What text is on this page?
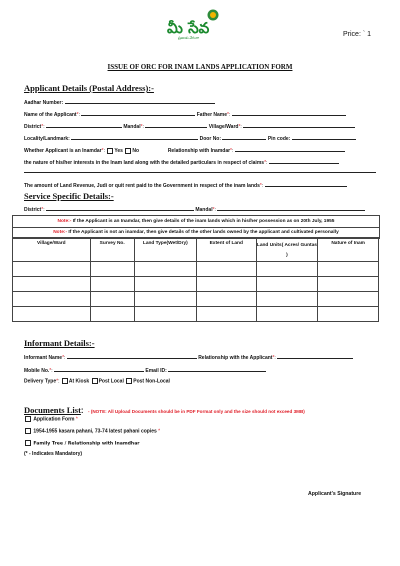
మీ సేవ
ప్రజలకు వేగంగా	Price: ` 1
ISSUE OF ORC FOR INAM LANDS APPLICATION FORM
Applicant Details (Postal Address):-
Aadhar Number:
Name of the Applicant*:	Father Name*:
District*:	Mandal*:	Village/Ward*:
Locality/Landmark:	Door No:	Pin code:
Whether Applicant is an Inamdar*: Yes No	Relationship with Inamdar*:
the nature of his/her interests in the Inam land along with the detailed particulars in respect of claims*:
The amount of Land Revenue, Judi or quit rent paid to the Government in respect of the inam lands*:
Service Specific Details:-
District*:	Mandal*:
Note:- If the Applicant is an Inamdar, then give details of the inam lands which in his/her possession as on 20th July, 1955
Note:- If the Applicant is not an inamdar, then give details of the other lands owned by the applicant and cultivated personally
Village/Ward	Survey No.	Land Type(Wet/Dry)	Extent of Land	Land Units( Acres/ Guntas )	Nature of Inam

Informant Details:-
Informant Name*:	Relationship with the Applicant*:
Mobile No.*:	Email ID:
Delivery Type*: At Kiosk Post Local Post Non-Local
Documents List: - (NOTE: All Upload Documents should be in PDF Format only and the size should not exceed 3MB)
Application Form *
1954-1955 kasara pahani, 73-74 latest pahani copies *
Family Tree / Relationship with Inamdhar
(* - Indicates Mandatory)
Applicant's Signature
